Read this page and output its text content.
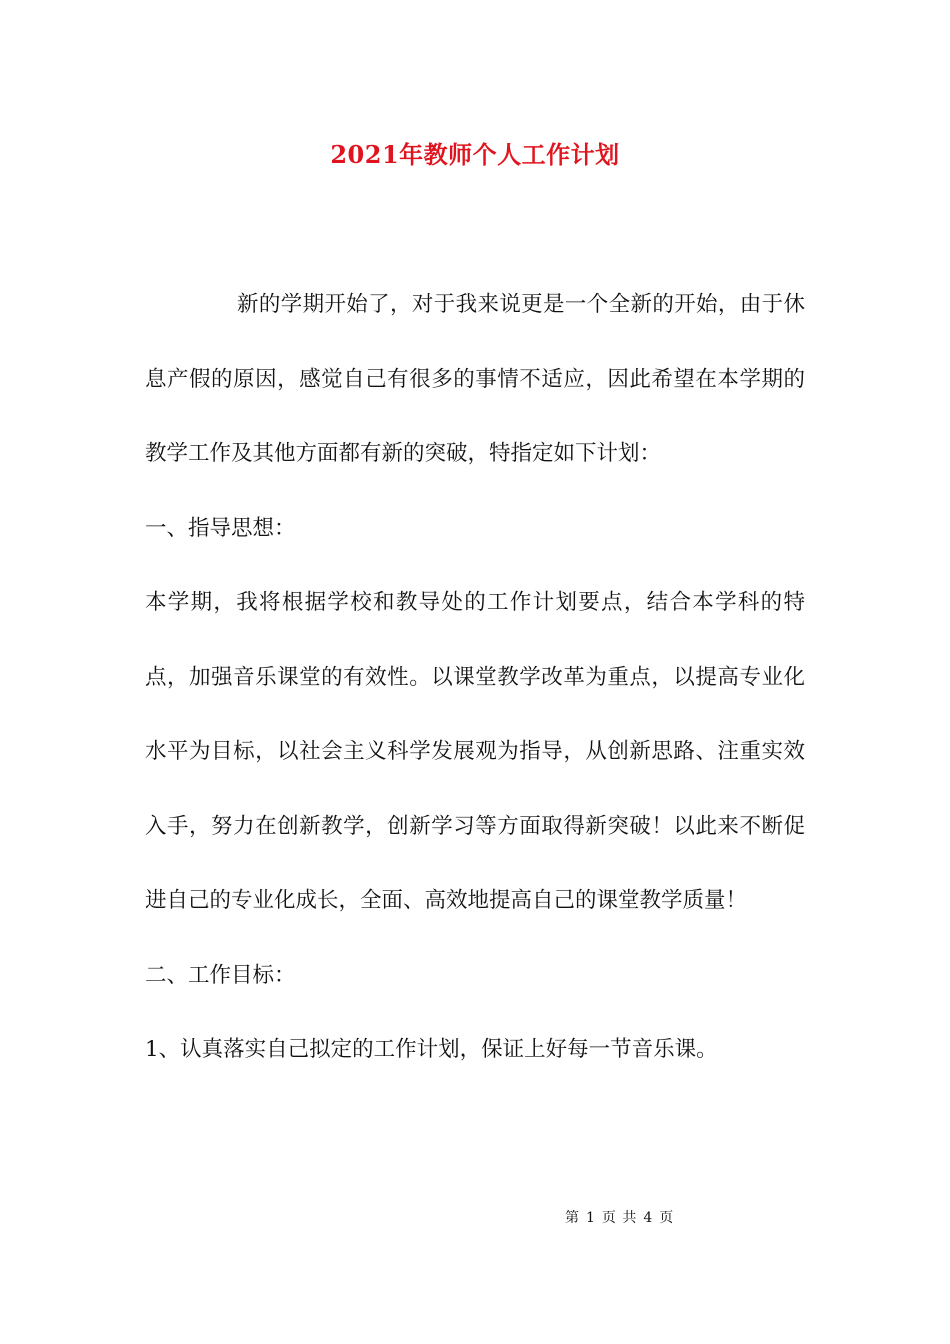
2021年教师个人工作计划

新的学期开始了，对于我来说更是一个全新的开始，由于休息产假的原因，感觉自己有很多的事情不适应，因此希望在本学期的教学工作及其他方面都有新的突破，特指定如下计划：

一、指导思想：

本学期，我将根据学校和教导处的工作计划要点，结合本学科的特点，加强音乐课堂的有效性。以课堂教学改革为重点，以提高专业化水平为目标，以社会主义科学发展观为指导，从创新思路、注重实效入手，努力在创新教学，创新学习等方面取得新突破！以此来不断促进自己的专业化成长，全面、高效地提高自己的课堂教学质量！

二、工作目标：

1、认真落实自己拟定的工作计划，保证上好每一节音乐课。

第 1 页 共 4 页
